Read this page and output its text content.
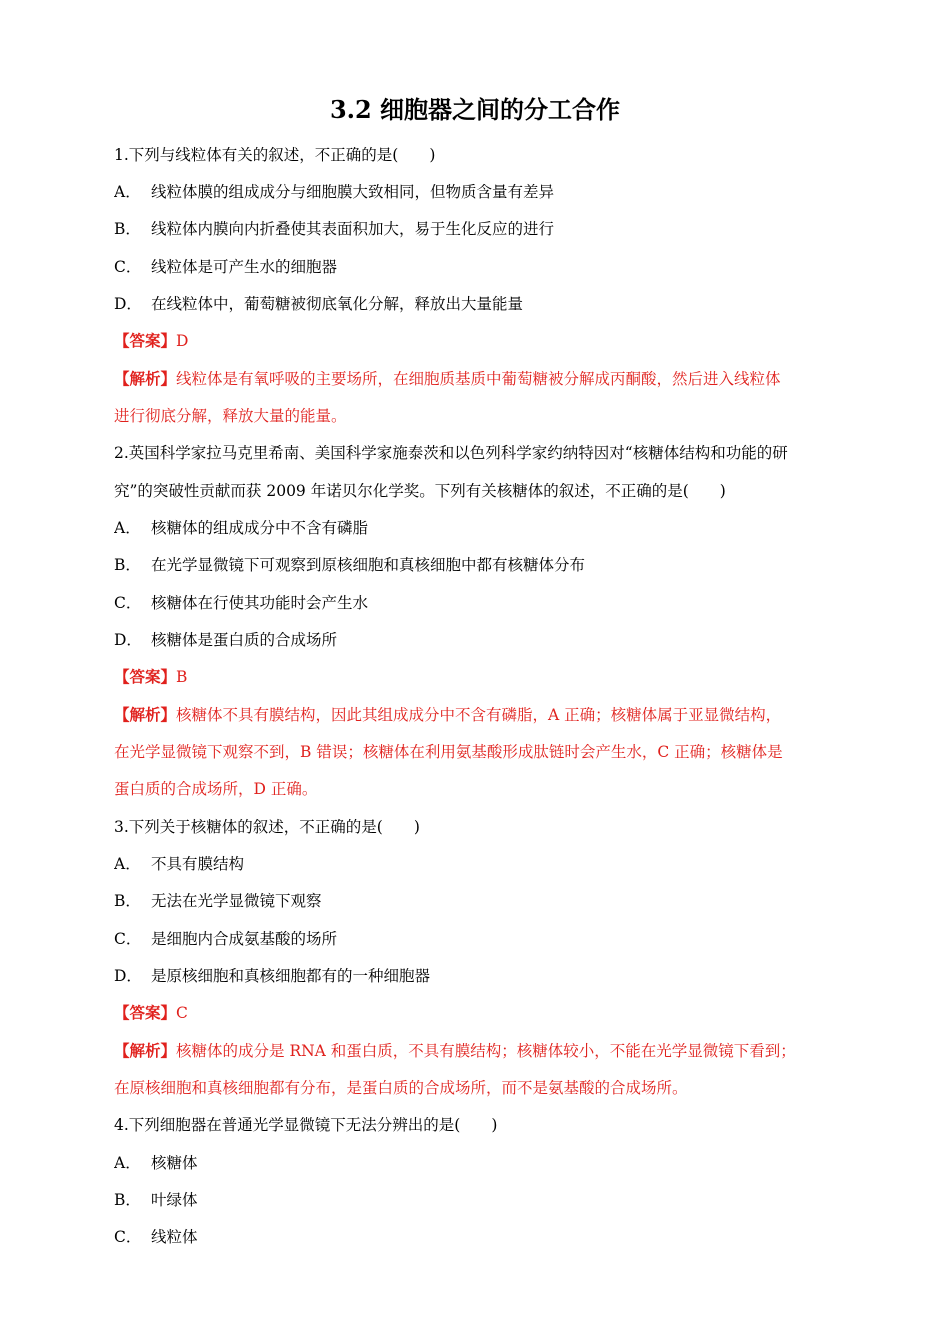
3.2 细胞器之间的分工合作
1.下列与线粒体有关的叙述，不正确的是(　　)
A． 线粒体膜的组成成分与细胞膜大致相同，但物质含量有差异
B． 线粒体内膜向内折叠使其表面积加大，易于生化反应的进行
C． 线粒体是可产生水的细胞器
D． 在线粒体中，葡萄糖被彻底氧化分解，释放出大量能量
【答案】D
【解析】线粒体是有氧呼吸的主要场所，在细胞质基质中葡萄糖被分解成丙酮酸，然后进入线粒体
进行彻底分解，释放大量的能量。
2.英国科学家拉马克里希南、美国科学家施泰茨和以色列科学家约纳特因对“核糖体结构和功能的研
究”的突破性贡献而获 2009 年诺贝尔化学奖。下列有关核糖体的叙述，不正确的是(　　)
A． 核糖体的组成成分中不含有磷脂
B． 在光学显微镜下可观察到原核细胞和真核细胞中都有核糖体分布
C． 核糖体在行使其功能时会产生水
D． 核糖体是蛋白质的合成场所
【答案】B
【解析】核糖体不具有膜结构，因此其组成成分中不含有磷脂，A 正确；核糖体属于亚显微结构，
在光学显微镜下观察不到，B 错误；核糖体在利用氨基酸形成肽链时会产生水，C 正确；核糖体是
蛋白质的合成场所，D 正确。
3.下列关于核糖体的叙述，不正确的是(　　)
A． 不具有膜结构
B． 无法在光学显微镜下观察
C． 是细胞内合成氨基酸的场所
D． 是原核细胞和真核细胞都有的一种细胞器
【答案】C
【解析】核糖体的成分是 RNA 和蛋白质，不具有膜结构；核糖体较小，不能在光学显微镜下看到；
在原核细胞和真核细胞都有分布，是蛋白质的合成场所，而不是氨基酸的合成场所。
4.下列细胞器在普通光学显微镜下无法分辨出的是(　　)
A． 核糖体
B． 叶绿体
C． 线粒体
